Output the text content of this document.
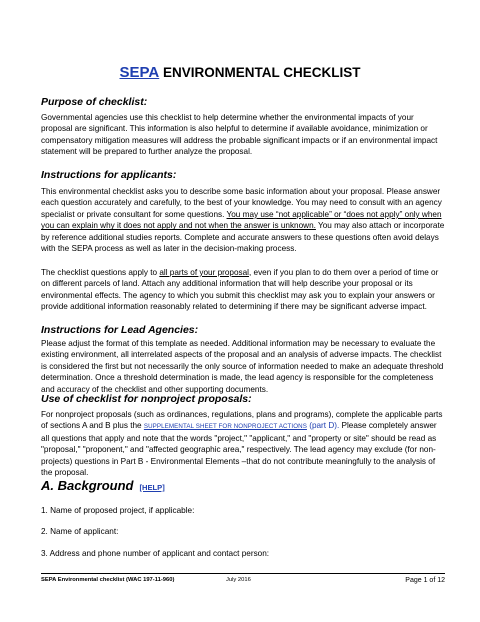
SEPA ENVIRONMENTAL CHECKLIST
Purpose of checklist:
Governmental agencies use this checklist to help determine whether the environmental impacts of your proposal are significant. This information is also helpful to determine if available avoidance, minimization or compensatory mitigation measures will address the probable significant impacts or if an environmental impact statement will be prepared to further analyze the proposal.
Instructions for applicants:
This environmental checklist asks you to describe some basic information about your proposal. Please answer each question accurately and carefully, to the best of your knowledge. You may need to consult with an agency specialist or private consultant for some questions. You may use “not applicable” or “does not apply” only when you can explain why it does not apply and not when the answer is unknown. You may also attach or incorporate by reference additional studies reports. Complete and accurate answers to these questions often avoid delays with the SEPA process as well as later in the decision-making process.
The checklist questions apply to all parts of your proposal, even if you plan to do them over a period of time or on different parcels of land. Attach any additional information that will help describe your proposal or its environmental effects. The agency to which you submit this checklist may ask you to explain your answers or provide additional information reasonably related to determining if there may be significant adverse impact.
Instructions for Lead Agencies:
Please adjust the format of this template as needed. Additional information may be necessary to evaluate the existing environment, all interrelated aspects of the proposal and an analysis of adverse impacts. The checklist is considered the first but not necessarily the only source of information needed to make an adequate threshold determination. Once a threshold determination is made, the lead agency is responsible for the completeness and accuracy of the checklist and other supporting documents.
Use of checklist for nonproject proposals:
For nonproject proposals (such as ordinances, regulations, plans and programs), complete the applicable parts of sections A and B plus the SUPPLEMENTAL SHEET FOR NONPROJECT ACTIONS (part D). Please completely answer all questions that apply and note that the words "project," "applicant," and "property or site" should be read as "proposal," "proponent," and "affected geographic area," respectively. The lead agency may exclude (for non-projects) questions in Part B - Environmental Elements –that do not contribute meaningfully to the analysis of the proposal.
A. Background [HELP]
1. Name of proposed project, if applicable:
2. Name of applicant:
3. Address and phone number of applicant and contact person:
SEPA Environmental checklist (WAC 197-11-960)	July 2016	Page 1 of 12
